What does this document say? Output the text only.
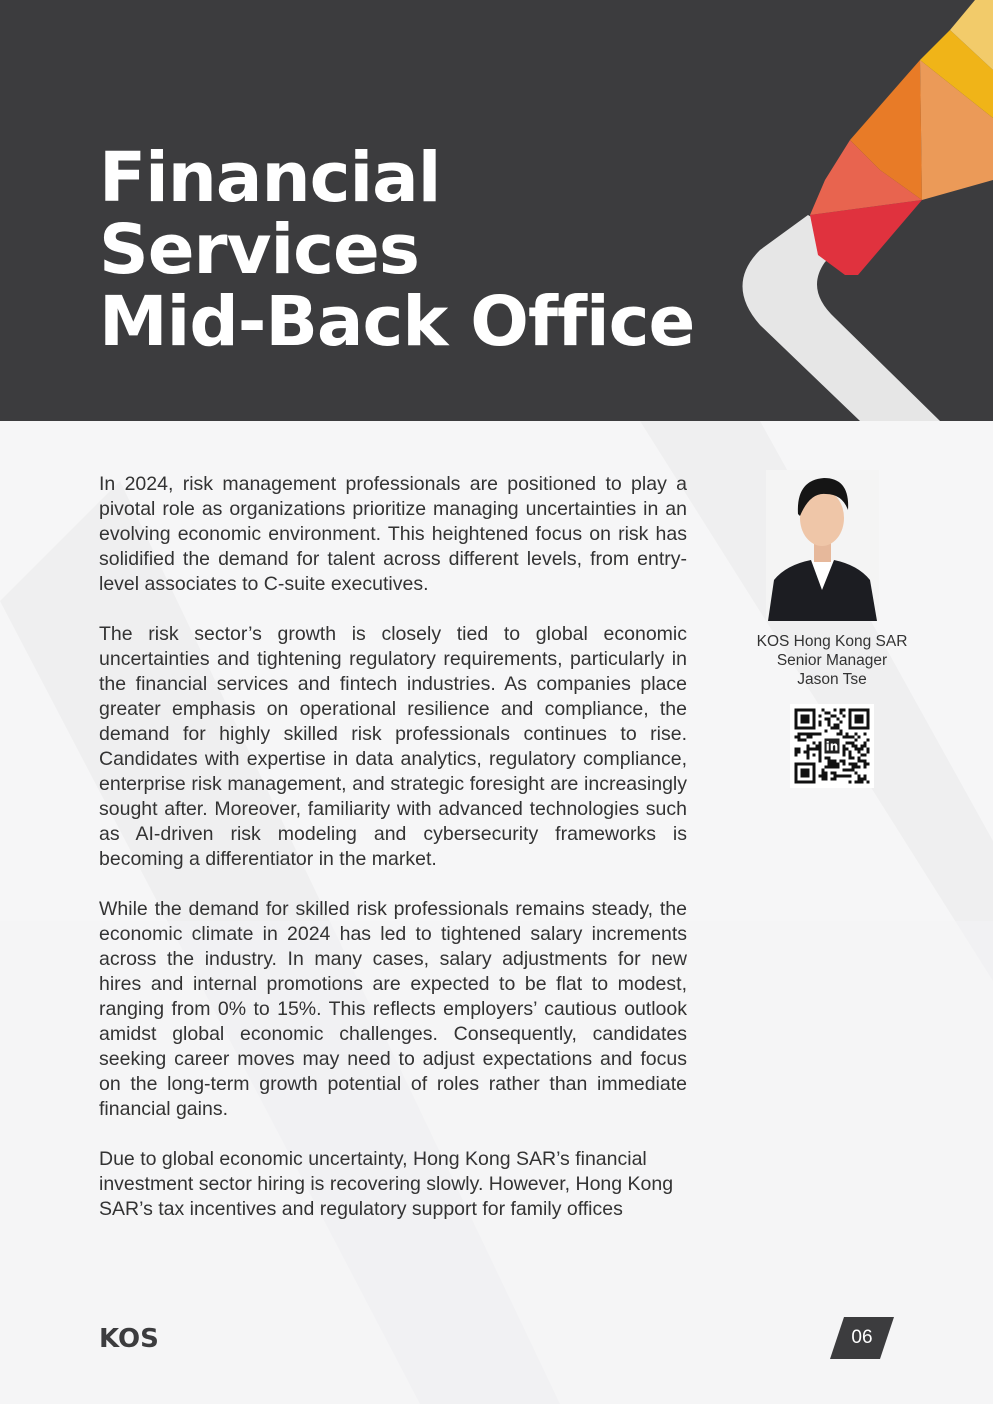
Financial
Services
Mid-Back Office

In 2024, risk management professionals are positioned to play a pivotal role as organizations prioritize managing uncertainties in an evolving economic environment. This heightened focus on risk has solidified the demand for talent across different levels, from entry-level associates to C-suite executives.

The risk sector’s growth is closely tied to global economic uncertainties and tightening regulatory requirements, particularly in the financial services and fintech industries. As companies place greater emphasis on operational resilience and compliance, the demand for highly skilled risk professionals continues to rise. Candidates with expertise in data analytics, regulatory compliance, enterprise risk management, and strategic foresight are increasingly sought after. Moreover, familiarity with advanced technologies such as AI-driven risk modeling and cybersecurity frameworks is becoming a differentiator in the market.

While the demand for skilled risk professionals remains steady, the economic climate in 2024 has led to tightened salary increments across the industry. In many cases, salary adjustments for new hires and internal promotions are expected to be flat to modest, ranging from 0% to 15%. This reflects employers’ cautious outlook amidst global economic challenges. Consequently, candidates seeking career moves may need to adjust expectations and focus on the long-term growth potential of roles rather than immediate financial gains.

Due to global economic uncertainty, Hong Kong SAR’s financial investment sector hiring is recovering slowly. However, Hong Kong SAR’s tax incentives and regulatory support for family offices

KOS Hong Kong SAR
Senior Manager
Jason Tse
in
KOS	06
